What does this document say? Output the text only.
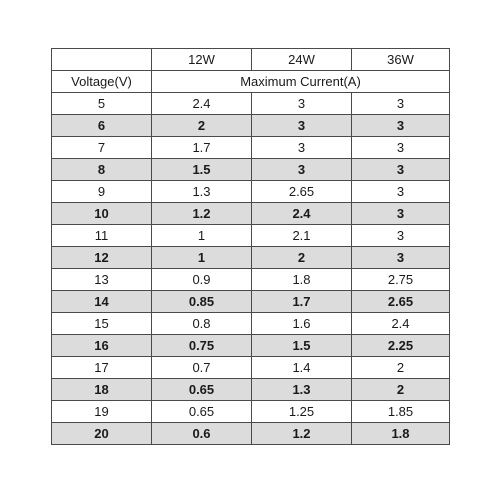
	12W	24W	36W
Voltage(V)	Maximum Current(A)		
5	2.4	3	3
6	2	3	3
7	1.7	3	3
8	1.5	3	3
9	1.3	2.65	3
10	1.2	2.4	3
11	1	2.1	3
12	1	2	3
13	0.9	1.8	2.75
14	0.85	1.7	2.65
15	0.8	1.6	2.4
16	0.75	1.5	2.25
17	0.7	1.4	2
18	0.65	1.3	2
19	0.65	1.25	1.85
20	0.6	1.2	1.8
